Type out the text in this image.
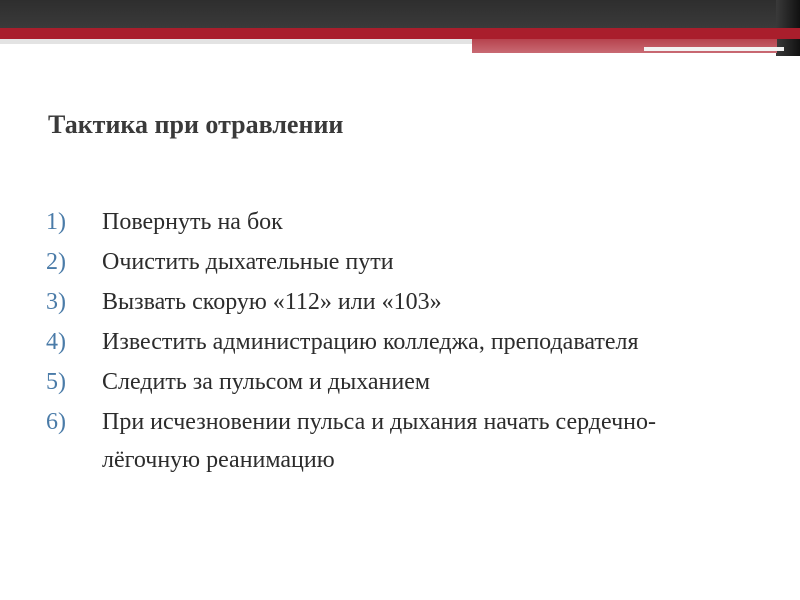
Тактика при отравлении
1)	Повернуть на бок
2)	Очистить дыхательные пути
3)	Вызвать скорую «112» или «103»
4)	Известить администрацию колледжа, преподавателя
5)	Следить за пульсом и дыханием
6)	При исчезновении пульса и дыхания начать сердечно-лёгочную реанимацию
